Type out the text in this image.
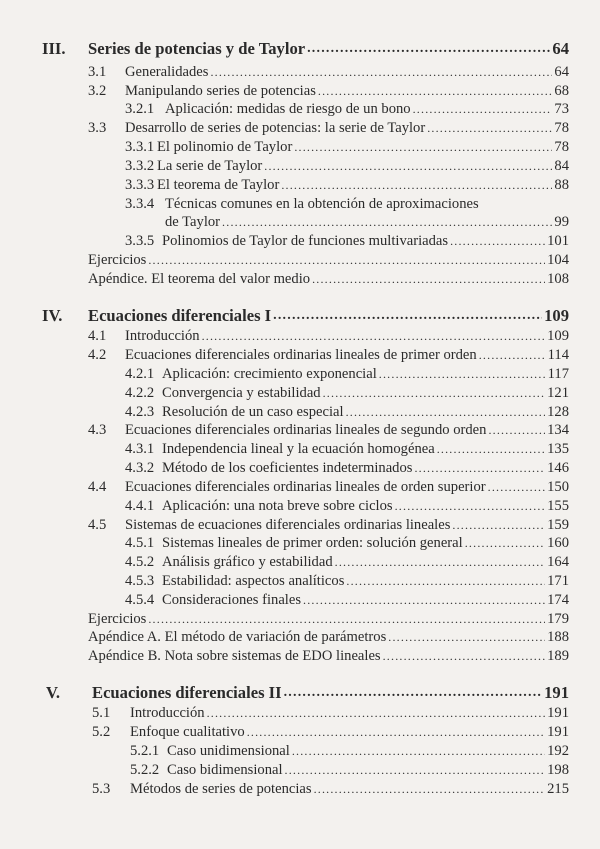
III. Series de potencias y de Taylor .....	64
3.1	Generalidades .....	64
3.2	Manipulando series de potencias .....	68
3.2.1 Aplicación: medidas de riesgo de un bono .....	73
3.3	Desarrollo de series de potencias: la serie de Taylor .....	78
3.3.1 El polinomio de Taylor .....	78
3.3.2 La serie de Taylor .....	84
3.3.3 El teorema de Taylor .....	88
3.3.4 Técnicas comunes en la obtención de aproximaciones
de Taylor .....	99
3.3.5 Polinomios de Taylor de funciones multivariadas .....	101
Ejercicios .....	104
Apéndice. El teorema del valor medio .....	108
IV. Ecuaciones diferenciales I .....	109
4.1	Introducción .....	109
4.2	Ecuaciones diferenciales ordinarias lineales de primer orden .....	114
4.2.1 Aplicación: crecimiento exponencial .....	117
4.2.2 Convergencia y estabilidad .....	121
4.2.3 Resolución de un caso especial .....	128
4.3	Ecuaciones diferenciales ordinarias lineales de segundo orden .....	134
4.3.1 Independencia lineal y la ecuación homogénea .....	135
4.3.2 Método de los coeficientes indeterminados .....	146
4.4	Ecuaciones diferenciales ordinarias lineales de orden superior .....	150
4.4.1 Aplicación: una nota breve sobre ciclos .....	155
4.5	Sistemas de ecuaciones diferenciales ordinarias lineales .....	159
4.5.1 Sistemas lineales de primer orden: solución general .....	160
4.5.2 Análisis gráfico y estabilidad .....	164
4.5.3 Estabilidad: aspectos analíticos .....	171
4.5.4 Consideraciones finales .....	174
Ejercicios .....	179
Apéndice A. El método de variación de parámetros .....	188
Apéndice B. Nota sobre sistemas de EDO lineales .....	189
V. Ecuaciones diferenciales II .....	191
5.1	Introducción .....	191
5.2	Enfoque cualitativo .....	191
5.2.1 Caso unidimensional .....	192
5.2.2 Caso bidimensional .....	198
5.3	Métodos de series de potencias .....	215
